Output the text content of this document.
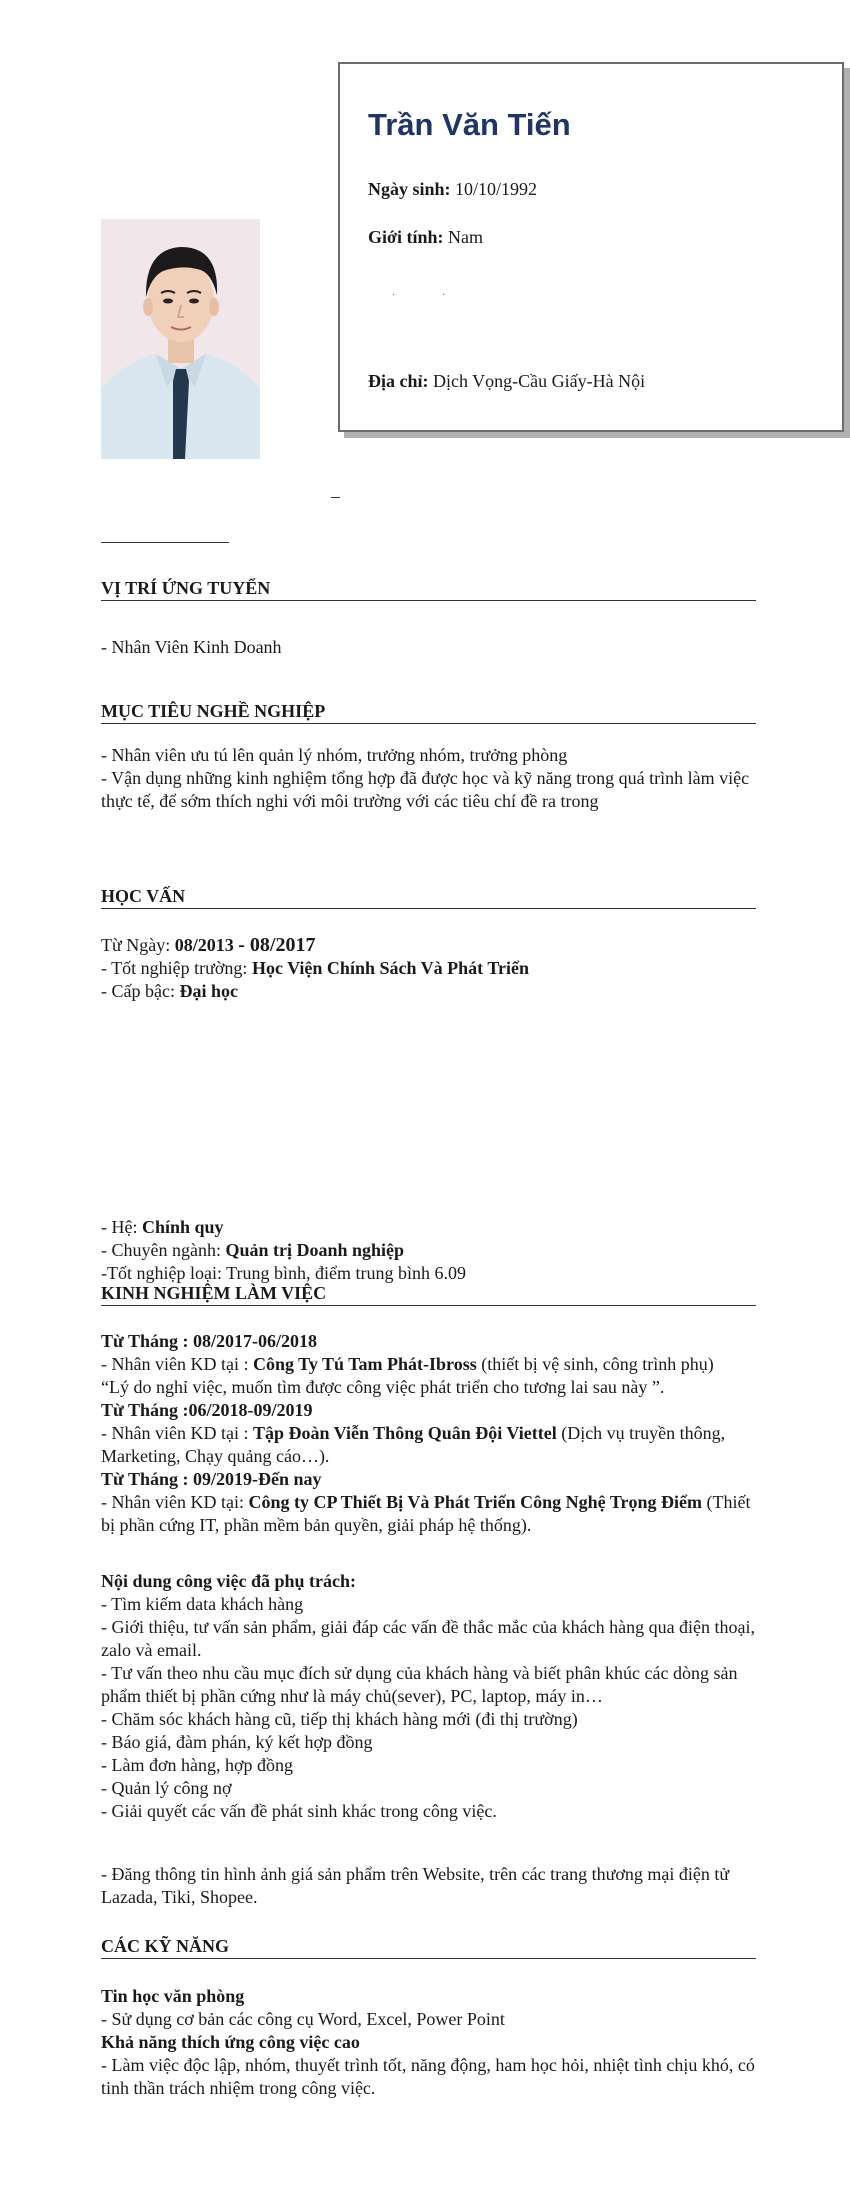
Trần Văn Tiến
Ngày sinh: 10/10/1992
Giới tính: Nam
·	·
Địa chỉ: Dịch Vọng-Cầu Giấy-Hà Nội
VỊ TRÍ ỨNG TUYỂN
- Nhân Viên Kinh Doanh
MỤC TIÊU NGHỀ NGHIỆP
- Nhân viên ưu tú lên quản lý nhóm, trưởng nhóm, trưởng phòng
- Vận dụng những kinh nghiệm tổng hợp đã được học và kỹ năng trong quá trình làm việc thực tế, để sớm thích nghi với môi trường với các tiêu chí đề ra trong
HỌC VẤN
Từ Ngày: 08/2013 - 08/2017
- Tốt nghiệp trường: Học Viện Chính Sách Và Phát Triển
- Cấp bậc: Đại học
- Hệ: Chính quy
- Chuyên ngành: Quản trị Doanh nghiệp
-Tốt nghiệp loại: Trung bình, điểm trung bình 6.09
KINH NGHIỆM LÀM VIỆC
Từ Tháng : 08/2017-06/2018
- Nhân viên KD tại : Công Ty Tú Tam Phát-Ibross (thiết bị vệ sinh, công trình phụ)
“Lý do nghỉ việc, muốn tìm được công việc phát triển cho tương lai sau này ”.
Từ Tháng :06/2018-09/2019
- Nhân viên KD tại : Tập Đoàn Viễn Thông Quân Đội Viettel (Dịch vụ truyền thông, Marketing, Chạy quảng cáo…).
Từ Tháng : 09/2019-Đến nay
- Nhân viên KD tại: Công ty CP Thiết Bị Và Phát Triển Công Nghệ Trọng Điểm (Thiết bị phần cứng IT, phần mềm bản quyền, giải pháp hệ thống).
Nội dung công việc đã phụ trách:
- Tìm kiếm data khách hàng
- Giới thiệu, tư vấn sản phẩm, giải đáp các vấn đề thắc mắc của khách hàng qua điện thoại, zalo và email.
- Tư vấn theo nhu cầu mục đích sử dụng của khách hàng và biết phân khúc các dòng sản phẩm thiết bị phần cứng như là máy chủ(sever), PC, laptop, máy in…
- Chăm sóc khách hàng cũ, tiếp thị khách hàng mới (đi thị trường)
- Báo giá, đàm phán, ký kết hợp đồng
- Làm đơn hàng, hợp đồng
- Quản lý công nợ
- Giải quyết các vấn đề phát sinh khác trong công việc.
- Đăng thông tin hình ảnh giá sản phẩm trên Website, trên các trang thương mại điện tử Lazada, Tiki, Shopee.
CÁC KỸ NĂNG
Tin học văn phòng
- Sử dụng cơ bản các công cụ Word, Excel, Power Point
Khả năng thích ứng công việc cao
- Làm việc độc lập, nhóm, thuyết trình tốt, năng động, ham học hỏi, nhiệt tình chịu khó, có tinh thần trách nhiệm trong công việc.
